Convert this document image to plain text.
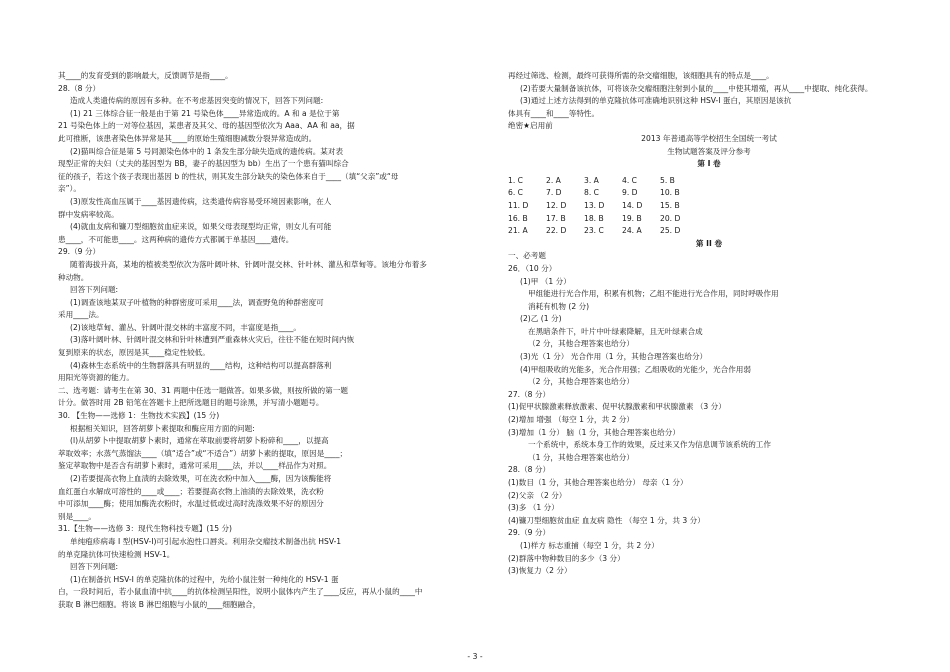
其____的发育受到的影响最大，反馈调节是指____。

28.（8 分）

造成人类遗传病的原因有多种。在不考虑基因突变的情况下，回答下列问题:

(1) 21 三体综合征一般是由于第 21 号染色体____异常造成的。A 和 a 是位于第

21 号染色体上的一对等位基因，某患者及其父、母的基因型依次为 Aaa、AA 和 aa，据

此可推断，该患者染色体异常是其____的原始生殖细胞减数分裂异常造成的。

(2)猫叫综合征是第 5 号同源染色体中的 1 条发生部分缺失造成的遗传病。某对表

现型正常的夫妇（丈夫的基因型为 BB，妻子的基因型为 bb）生出了一个患有猫叫综合

征的孩子，若这个孩子表现出基因 b 的性状，则其发生部分缺失的染色体来自于____（填“父亲”或“母

亲”）。

(3)原发性高血压属于____基因遗传病，这类遗传病容易受环境因素影响，在人

群中发病率较高。

(4)就血友病和镰刀型细胞贫血症来说，如果父母表现型均正常，则女儿有可能

患____，不可能患____。这两种病的遗传方式都属于单基因____遗传。

29.（9 分）

随着海拔升高，某地的植被类型依次为落叶阔叶林、针阔叶混交林、针叶林、灌丛和草甸等。该地分布着多

种动物。

回答下列问题:

(1)调查该地某双子叶植物的种群密度可采用____法，调查野兔的种群密度可

采用____法。

(2)该地草甸、灌丛、针阔叶混交林的丰富度不同，丰富度是指____。

(3)落叶阔叶林、针阔叶混交林和针叶林遭到严重森林火灾后，往往不能在短时间内恢

复到原来的状态，原因是其____稳定性较低。

(4)森林生态系统中的生物群落具有明显的____结构，这种结构可以提高群落利

用阳光等资源的能力。

二、选考题：请考生在第 30、31 两题中任选一题做答。如果多做，则按所做的第一题

计分。做答时用 2B 铅笔在答题卡上把所选题目的题号涂黑，并写清小题题号。

30. 【生物——选修 1：生物技术实践】(15 分)

根据相关知识，回答胡萝卜素提取和酶应用方面的问题:

(l)从胡萝卜中提取胡萝卜素时，通常在萃取前要将胡萝卜粉碎和____，以提高

萃取效率；水蒸气蒸馏法____（填“适合”或“不适合”）胡萝卜素的提取，原因是____；

鉴定萃取物中是否含有胡萝卜素时，通常可采用____法，并以____样品作为对照。

(2)若要提高衣物上血渍的去除效果，可在洗衣粉中加入____酶，因为该酶能将

血红蛋白水解成可溶性的____或____；若要提高衣物上油渍的去除效果，洗衣粉

中可添加____酶；使用加酶洗衣粉时，水温过低或过高时洗涤效果不好的原因分

别是____。

31.【生物——选修 3：现代生物科技专题】(15 分)

单纯疱疹病毒 I 型(HSV-I)可引起水泡性口唇炎。利用杂交瘤技术制备出抗 HSV-1

的单克隆抗体可快速检测 HSV-1。

回答下列问题:

(1)在制备抗 HSV-I 的单克隆抗体的过程中，先给小鼠注射一种纯化的 HSV-1 蛋

白，一段时间后，若小鼠血清中抗____的抗体检测呈阳性，说明小鼠体内产生了____反应，再从小鼠的____中

获取 B 淋巴细胞。将该 B 淋巴细胞与小鼠的____细胞融合，

再经过筛选、检测，最终可获得所需的杂交瘤细胞，该细胞具有的特点是____。

(2)若要大量制备该抗体，可将该杂交瘤细胞注射到小鼠的____中使其增殖，再从____中提取、纯化获得。

(3)通过上述方法得到的单克隆抗体可准确地识别这种 HSV-I 蛋白，其原因是该抗

体具有____和____等特性。

绝密★启用前

2013 年普通高等学校招生全国统一考试

生物试题答案及评分参考

第 I 卷

1. C	2. A	3. A	4. C	5. B
6. C	7. D	8. C	9. D	10. B
11. D	12. D	13. D	14. D	15. B
16. B	17. B	18. B	19. B	20. D
21. A	22. D	23. C	24. A	25. D

第 II 卷

一、必考题

26．（10 分）

(1)甲 （1 分）

甲组能进行光合作用，积累有机物；乙组不能进行光合作用，同时呼吸作用

消耗有机物 (2 分)

(2)乙 (1 分)

在黑暗条件下，叶片中叶绿素降解，且无叶绿素合成

（2 分，其他合理答案也给分）

(3)光（1 分） 光合作用（1 分，其他合理答案也给分）

(4)甲组吸收的光能多，光合作用强；乙组吸收的光能少，光合作用弱

（2 分，其他合理答案也给分）

27.（8 分）

(1)促甲状腺激素释放激素、促甲状腺激素和甲状腺激素 （3 分）

(2)增加 增强 （每空 1 分，共 2 分）

(3)增加（1 分） 脑（1 分，其他合理答案也给分）

一个系统中，系统本身工作的效果，反过来又作为信息调节该系统的工作

（1 分，其他合理答案也给分）

28.（8 分）

(1)数目（1 分，其他合理答案也给分） 母亲（1 分）

(2)父亲 （2 分）

(3)多 （1 分）

(4)镰刀型细胞贫血症 血友病 隐性 （每空 1 分，共 3 分）

29.（9 分）

(1)样方 标志重捕（每空 1 分，共 2 分）

(2)群落中物种数目的多少（3 分）

(3)恢复力（2 分）

- 3 -
